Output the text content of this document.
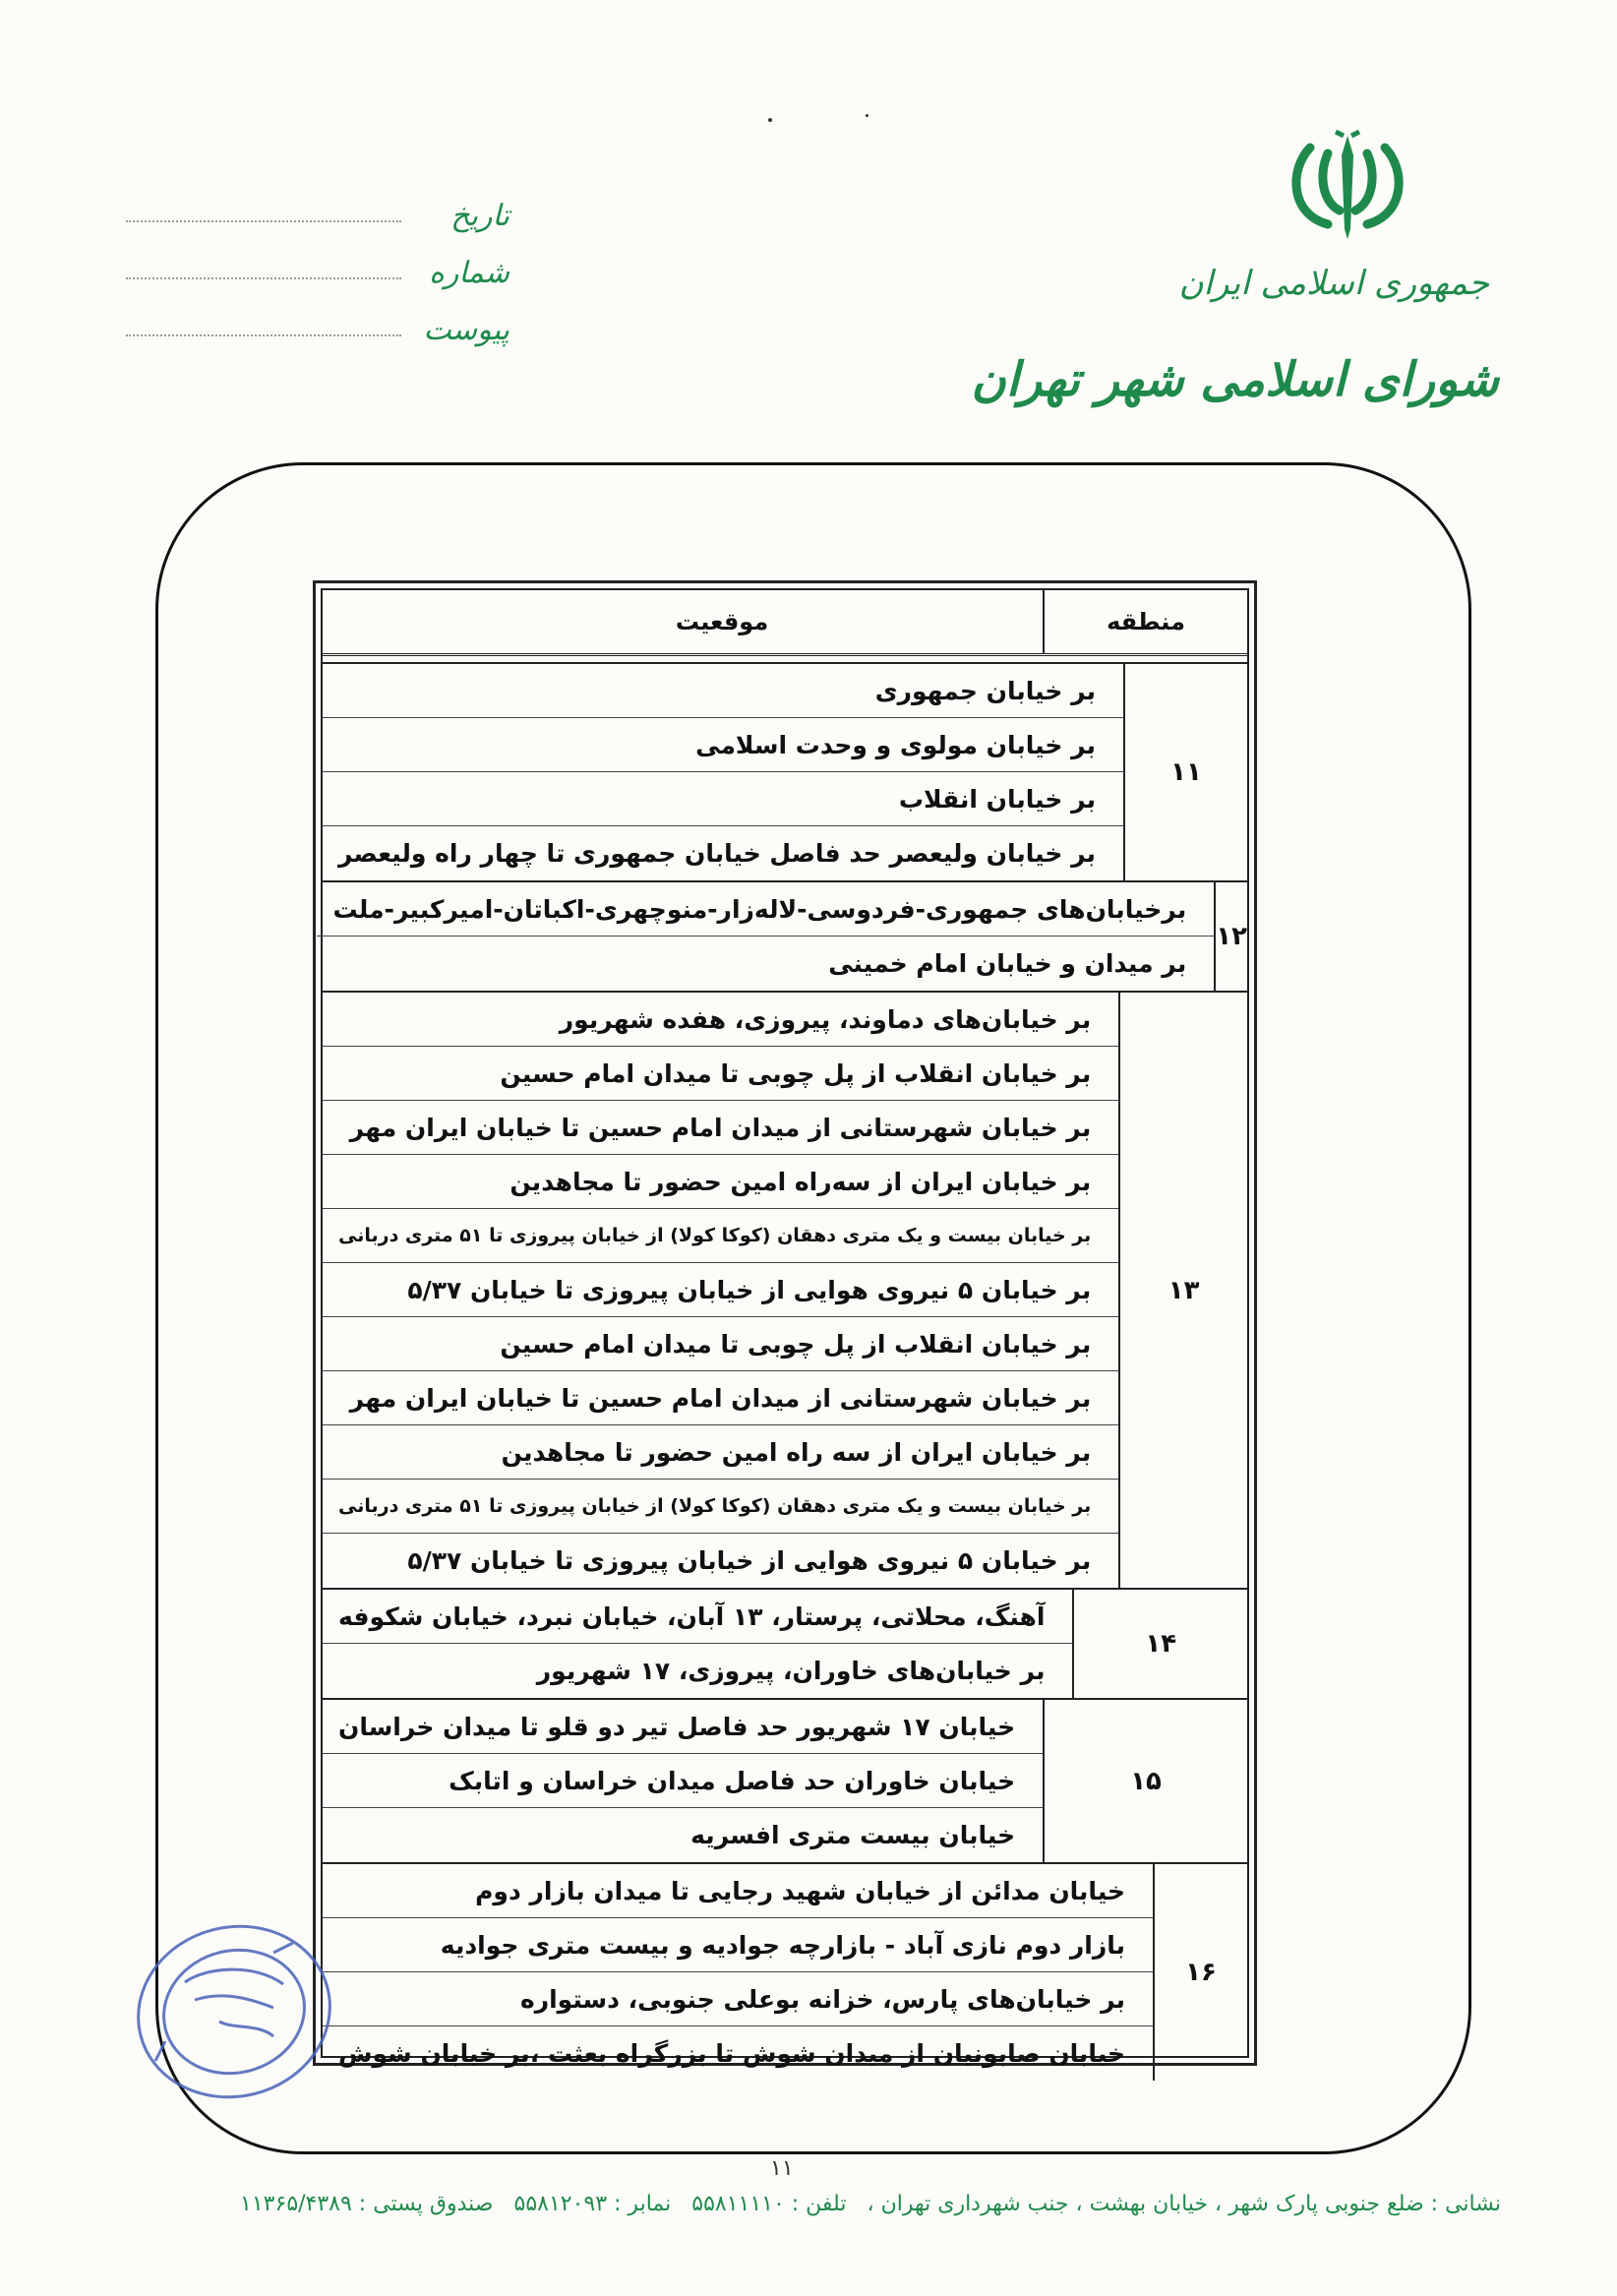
تاریخ
شماره
پیوست
جمهوری اسلامی ایران
شورای اسلامی شهر تهران
منطقه
موقعیت
۱۱
بر خیابان جمهوری
بر خیابان مولوی و وحدت اسلامی
بر خیابان انقلاب
بر خیابان ولیعصر حد فاصل خیابان جمهوری تا چهار راه ولیعصر
۱۲
برخیابان‌های جمهوری-فردوسی-لاله‌زار-منوچهری-اکباتان-امیرکبیر-ملت
بر میدان و خیابان امام خمینی
۱۳
بر خیابان‌های دماوند، پیروزی، هفده شهریور
بر خیابان انقلاب از پل چوبی تا میدان امام حسین
بر خیابان شهرستانی از میدان امام حسین تا خیابان ایران مهر
بر خیابان ایران از سه‌راه امین حضور تا مجاهدین
بر خیابان بیست و یک متری دهقان (کوکا کولا) از خیابان پیروزی تا ۵۱ متری دربانی
بر خیابان ۵ نیروی هوایی از خیابان پیروزی تا خیابان ۵/۳۷
بر خیابان انقلاب از پل چوبی تا میدان امام حسین
بر خیابان شهرستانی از میدان امام حسین تا خیابان ایران مهر
بر خیابان ایران از سه راه امین حضور تا مجاهدین
بر خیابان بیست و یک متری دهقان (کوکا کولا) از خیابان پیروزی تا ۵۱ متری دربانی
بر خیابان ۵ نیروی هوایی از خیابان پیروزی تا خیابان ۵/۳۷
۱۴
آهنگ، محلاتی، پرستار، ۱۳ آبان، خیابان نبرد، خیابان شکوفه
بر خیابان‌های خاوران، پیروزی، ۱۷ شهریور
۱۵
خیابان ۱۷ شهریور حد فاصل تیر دو قلو تا میدان خراسان
خیابان خاوران حد فاصل میدان خراسان و اتابک
خیابان بیست متری افسریه
۱۶
خیابان مدائن از خیابان شهید رجایی تا میدان بازار دوم
بازار دوم نازی آباد - بازارچه جوادیه و بیست متری جوادیه
بر خیابان‌های پارس، خزانه بوعلی جنوبی، دستواره
خیابان صابونیان از میدان شوش تا بزرگراه بعثت ،بر خیابان شوش
۱۱
نشانی : ضلع جنوبی پارک شهر ، خیابان بهشت ، جنب شهرداری تهران ، تلفن : ۵۵۸۱۱۱۱۰ نمابر : ۵۵۸۱۲۰۹۳ صندوق پستی : ۱۱۳۶۵/۴۳۸۹
